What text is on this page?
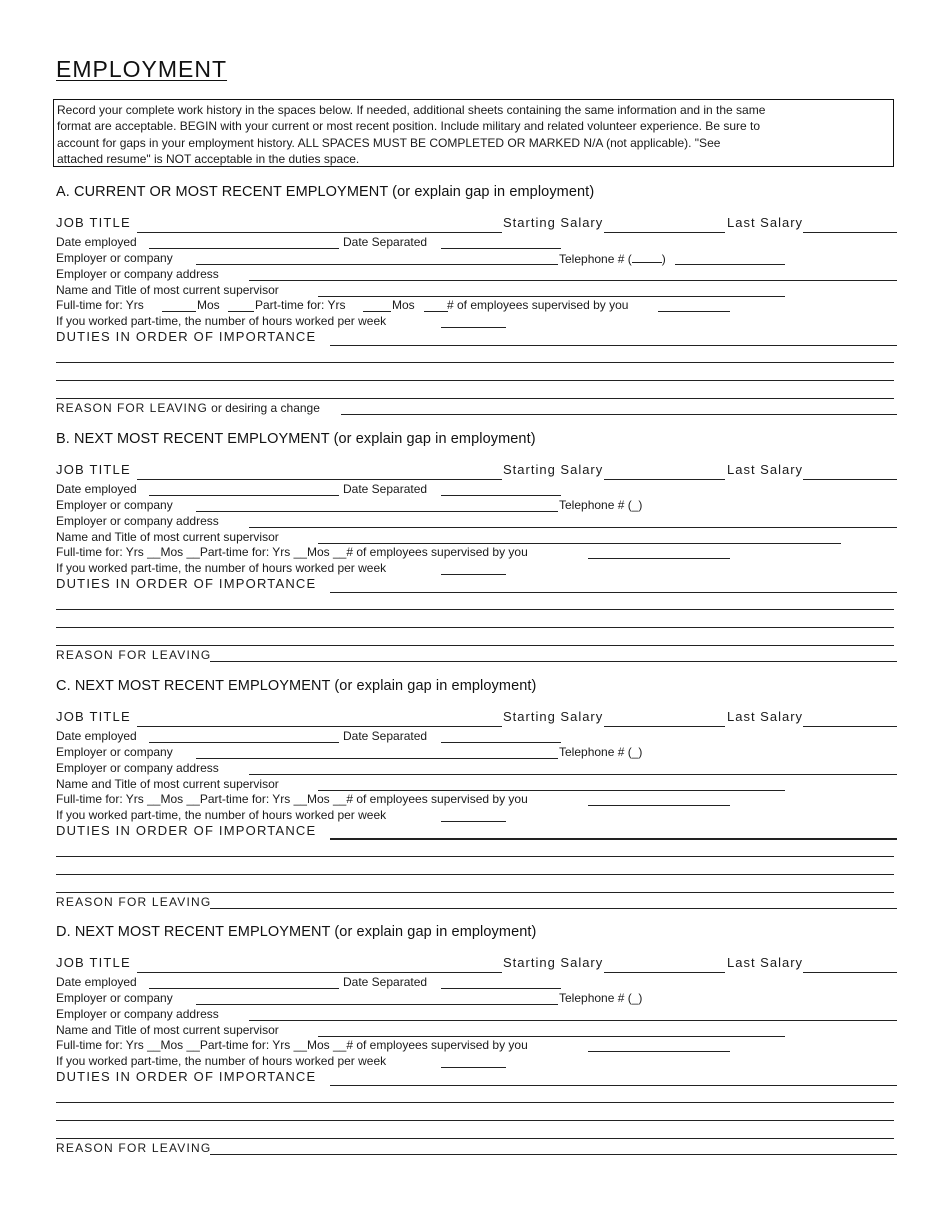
EMPLOYMENT
Record your complete work history in the spaces below. If needed, additional sheets containing the same information and in the same
format are acceptable. BEGIN with your current or most recent position. Include military and related volunteer experience. Be sure to
account for gaps in your employment history. ALL SPACES MUST BE COMPLETED OR MARKED N/A (not applicable). "See
attached resume" is NOT acceptable in the duties space.
A. CURRENT OR MOST RECENT EMPLOYMENT (or explain gap in employment)
JOB TITLE	Starting Salary	Last Salary
Date employed	Date Separated
Employer or company	Telephone # (	)
Employer or company address
Name and Title of most current supervisor
Full-time for: Yrs	Mos	Part-time for: Yrs	Mos	# of employees supervised by you
If you worked part-time, the number of hours worked per week
DUTIES IN ORDER OF IMPORTANCE
REASON FOR LEAVING or desiring a change
B. NEXT MOST RECENT EMPLOYMENT (or explain gap in employment)
JOB TITLE	Starting Salary	Last Salary
Date employed	Date Separated
Employer or company	Telephone # (_)
Employer or company address
Name and Title of most current supervisor
Full-time for: Yrs __Mos __Part-time for: Yrs __Mos __# of employees supervised by you
If you worked part-time, the number of hours worked per week
DUTIES IN ORDER OF IMPORTANCE
REASON FOR LEAVING
C. NEXT MOST RECENT EMPLOYMENT (or explain gap in employment)
JOB TITLE	Starting Salary	Last Salary
Date employed	Date Separated
Employer or company	Telephone # (_)
Employer or company address
Name and Title of most current supervisor
Full-time for: Yrs __Mos __Part-time for: Yrs __Mos __# of employees supervised by you
If you worked part-time, the number of hours worked per week
DUTIES IN ORDER OF IMPORTANCE
REASON FOR LEAVING
D. NEXT MOST RECENT EMPLOYMENT (or explain gap in employment)
JOB TITLE	Starting Salary	Last Salary
Date employed	Date Separated
Employer or company	Telephone # (_)
Employer or company address
Name and Title of most current supervisor
Full-time for: Yrs __Mos __Part-time for: Yrs __Mos __# of employees supervised by you
If you worked part-time, the number of hours worked per week
DUTIES IN ORDER OF IMPORTANCE
REASON FOR LEAVING
